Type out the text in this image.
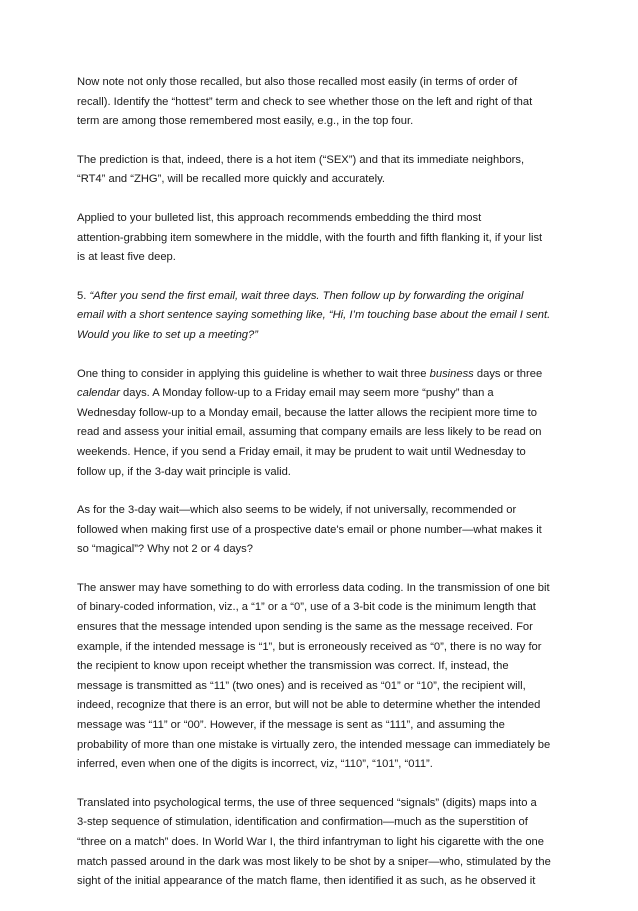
Now note not only those recalled, but also those recalled most easily (in terms of order of
recall). Identify the “hottest” term and check to see whether those on the left and right of that
term are among those remembered most easily, e.g., in the top four.

The prediction is that, indeed, there is a hot item (“SEX”) and that its immediate neighbors,
“RT4” and “ZHG”, will be recalled more quickly and accurately.

Applied to your bulleted list, this approach recommends embedding the third most
attention-grabbing item somewhere in the middle, with the fourth and fifth flanking it, if your list
is at least five deep.

5. “After you send the first email, wait three days. Then follow up by forwarding the original
email with a short sentence saying something like, “Hi, I’m touching base about the email I sent.
Would you like to set up a meeting?”

One thing to consider in applying this guideline is whether to wait three business days or three
calendar days. A Monday follow-up to a Friday email may seem more “pushy” than a
Wednesday follow-up to a Monday email, because the latter allows the recipient more time to
read and assess your initial email, assuming that company emails are less likely to be read on
weekends. Hence, if you send a Friday email, it may be prudent to wait until Wednesday to
follow up, if the 3-day wait principle is valid.

As for the 3-day wait—which also seems to be widely, if not universally, recommended or
followed when making first use of a prospective date's email or phone number—what makes it
so “magical”? Why not 2 or 4 days?

The answer may have something to do with errorless data coding. In the transmission of one bit
of binary-coded information, viz., a “1” or a “0”, use of a 3-bit code is the minimum length that
ensures that the message intended upon sending is the same as the message received. For
example, if the intended message is “1”, but is erroneously received as “0”, there is no way for
the recipient to know upon receipt whether the transmission was correct. If, instead, the
message is transmitted as “11” (two ones) and is received as “01” or “10”, the recipient will,
indeed, recognize that there is an error, but will not be able to determine whether the intended
message was “11” or “00”. However, if the message is sent as “111”, and assuming the
probability of more than one mistake is virtually zero, the intended message can immediately be
inferred, even when one of the digits is incorrect, viz, “110”, “101”, “011”.

Translated into psychological terms, the use of three sequenced “signals” (digits) maps into a
3-step sequence of stimulation, identification and confirmation—much as the superstition of
“three on a match” does. In World War I, the third infantryman to light his cigarette with the one
match passed around in the dark was most likely to be shot by a sniper—who, stimulated by the
sight of the initial appearance of the match flame, then identified it as such, as he observed it
